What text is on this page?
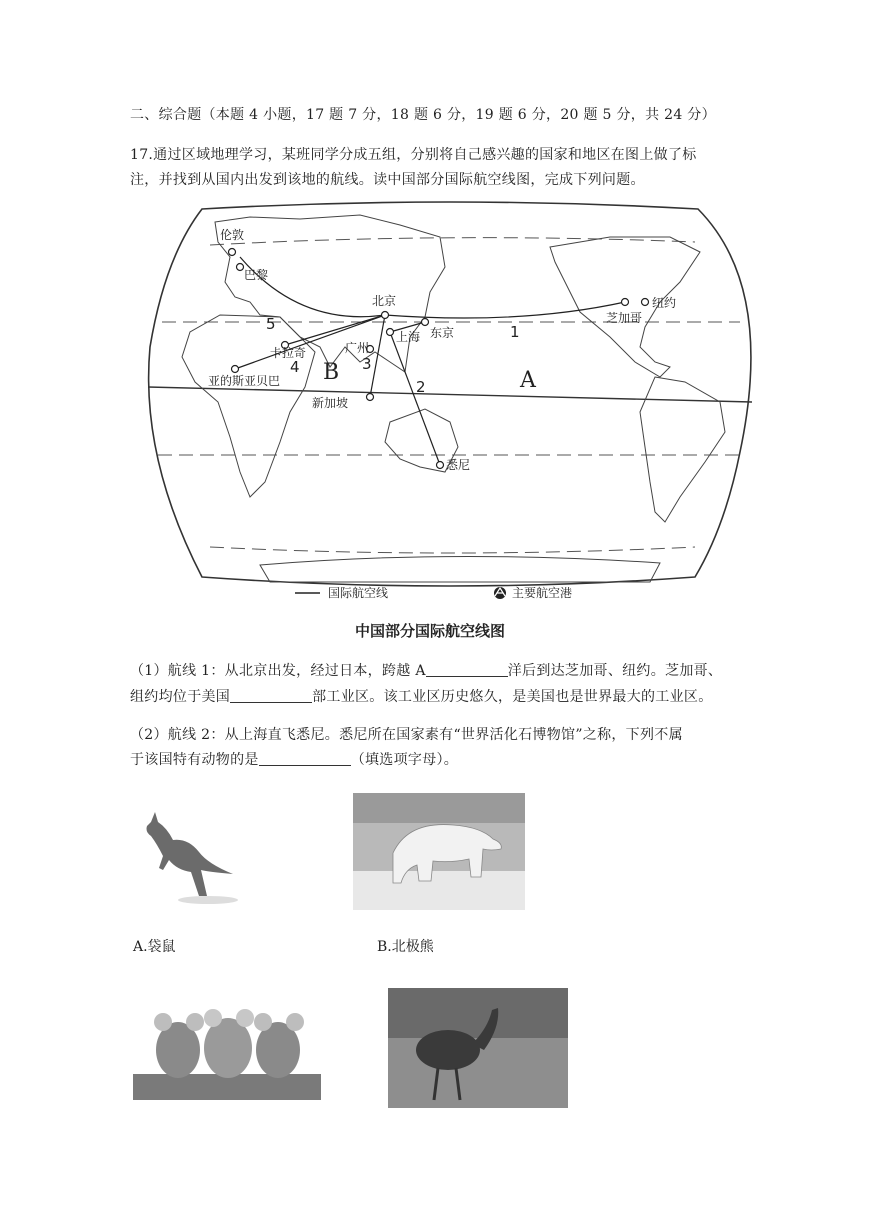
二、综合题（本题 4 小题，17 题 7 分，18 题 6 分，19 题 6 分，20 题 5 分，共 24 分）
17.通过区域地理学习，某班同学分成五组，分别将自己感兴趣的国家和地区在图上做了标
注，并找到从国内出发到该地的航线。读中国部分国际航空线图，完成下列问题。
伦敦
巴黎
北京
上海 东京
广州
卡拉奇
亚的斯亚贝巴
新加坡
悉尼
芝加哥
纽约
1
2
3
4
5
A
B
国际航空线	主要航空港
中国部分国际航空线图
（1）航线 1：从北京出发，经过日本，跨越 A	洋后到达芝加哥、纽约。芝加哥、
组约均位于美国	部工业区。该工业区历史悠久，是美国也是世界最大的工业区。
（2）航线 2：从上海直飞悉尼。悉尼所在国家素有“世界活化石博物馆”之称，下列不属
于该国特有动物的是	（填选项字母）。
A.袋鼠	B.北极熊
